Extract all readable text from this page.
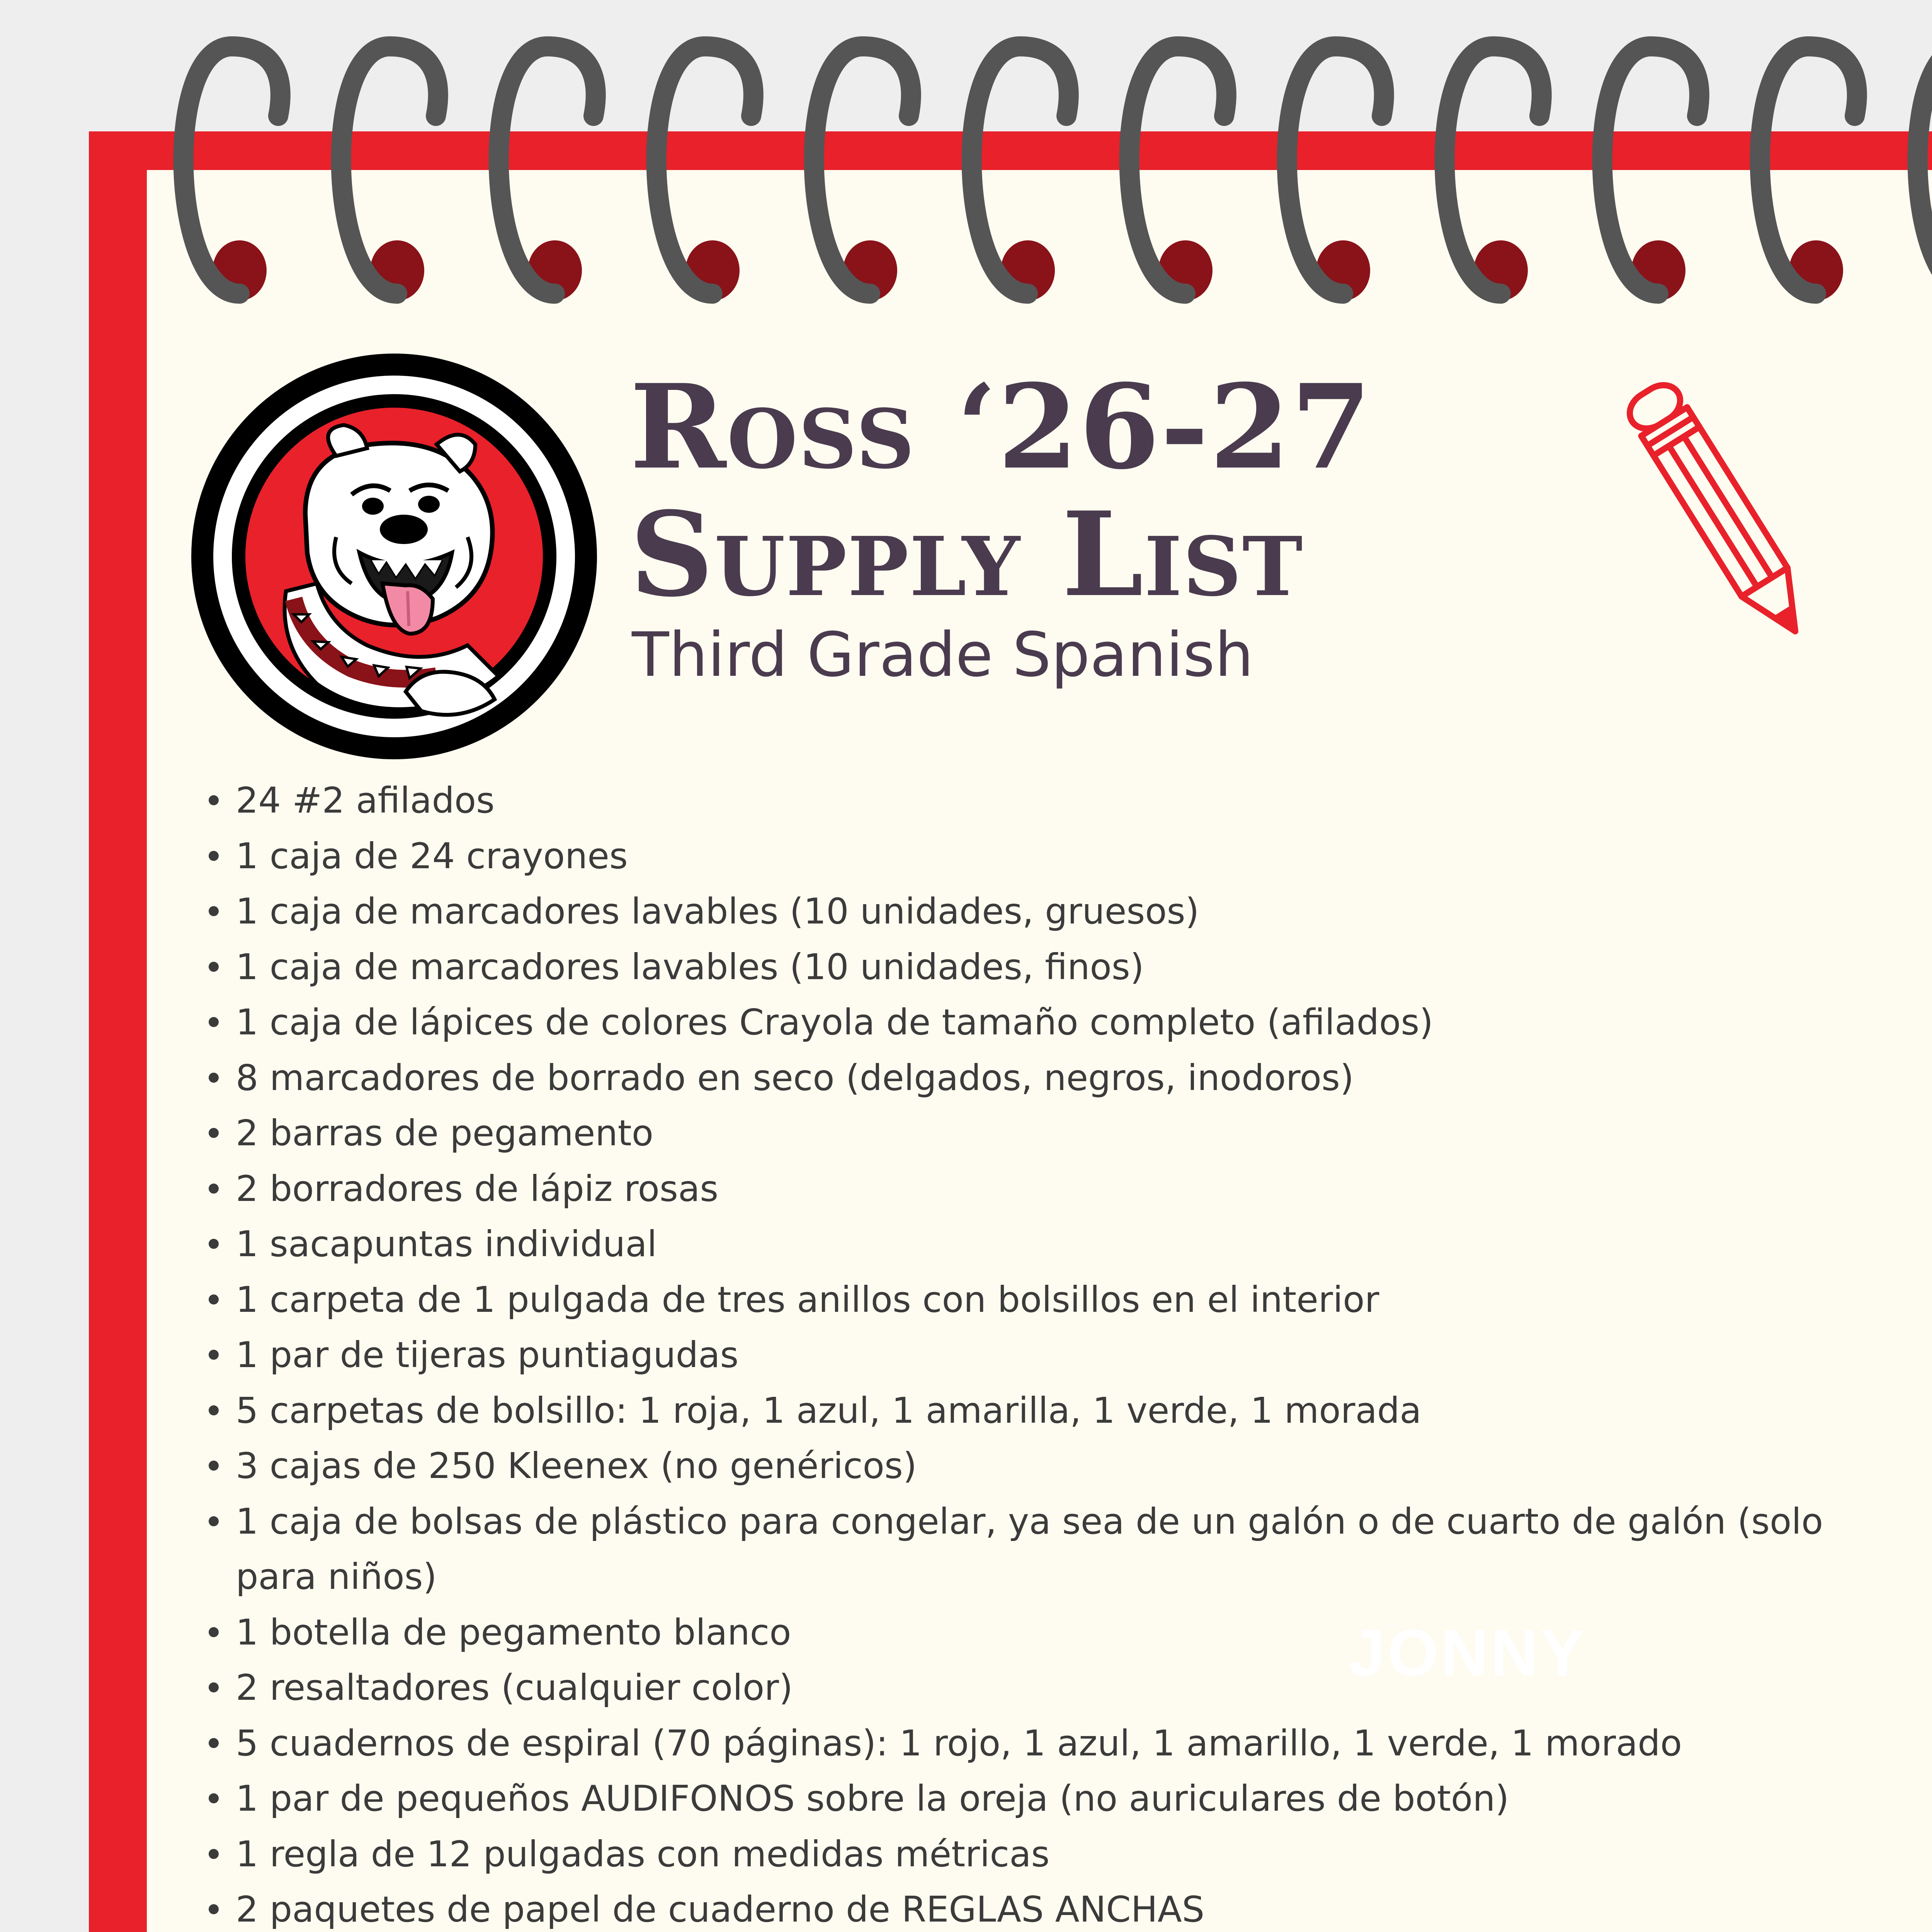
Ross ‘26-27
Supply List

Third Grade Spanish

JONNY
24 #2 afilados
1 caja de 24 crayones
1 caja de marcadores lavables (10 unidades, gruesos)
1 caja de marcadores lavables (10 unidades, finos)
1 caja de lápices de colores Crayola de tamaño completo (afilados)
8 marcadores de borrado en seco (delgados, negros, inodoros)
2 barras de pegamento
2 borradores de lápiz rosas
1 sacapuntas individual
1 carpeta de 1 pulgada de tres anillos con bolsillos en el interior
1 par de tijeras puntiagudas
5 carpetas de bolsillo: 1 roja, 1 azul, 1 amarilla, 1 verde, 1 morada
3 cajas de 250 Kleenex (no genéricos)
1 caja de bolsas de plástico para congelar, ya sea de un galón o de cuarto de galón (solo para niños)
1 botella de pegamento blanco
2 resaltadores (cualquier color)
5 cuadernos de espiral (70 páginas): 1 rojo, 1 azul, 1 amarillo, 1 verde, 1 morado
1 par de pequeños AUDIFONOS sobre la oreja (no auriculares de botón)
1 regla de 12 pulgadas con medidas métricas
2 paquetes de papel de cuaderno de REGLAS ANCHAS
